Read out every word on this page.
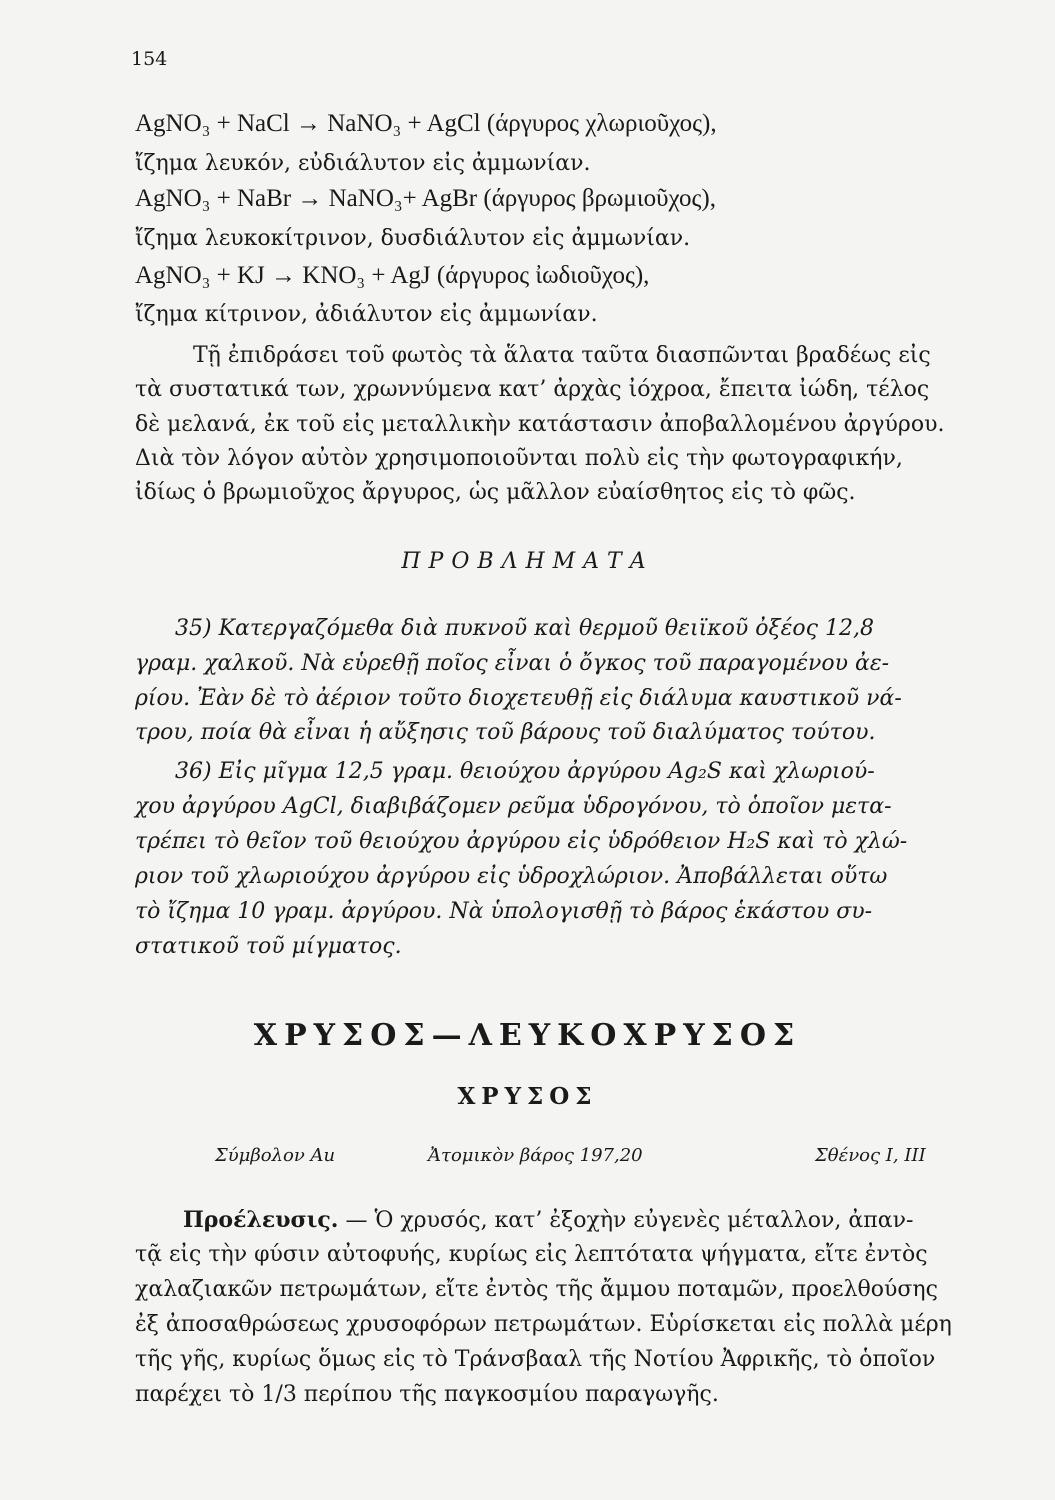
154
AgNO₃ + NaCl → NaNO₃ + AgCl (άργυρος χλωριοῦχος),
ἴζημα λευκόν, εὐδιάλυτον εἰς ἀμμωνίαν.
AgNO₃ + NaBr → NaNO₃+ AgBr (άργυρος βρωμιοῦχος),
ἴζημα λευκοκίτρινον, δυσδιάλυτον εἰς ἀμμωνίαν.
AgNO₃ + KJ → KNO₃ + AgJ (άργυρος ἰωδιοῦχος),
ἴζημα κίτρινον, ἀδιάλυτον εἰς ἀμμωνίαν.
Τῇ ἐπιδράσει τοῦ φωτὸς τὰ ἅλατα ταῦτα διασπῶνται βραδέως εἰς
τὰ συστατικά των, χρωννύμενα κατ’ ἀρχὰς ἰόχροα, ἔπειτα ἰώδη, τέλος
δὲ μελανά, ἐκ τοῦ εἰς μεταλλικὴν κατάστασιν ἀποβαλλομένου ἀργύρου.
Διὰ τὸν λόγον αὐτὸν χρησιμοποιοῦνται πολὺ εἰς τὴν φωτογραφικήν,
ἰδίως ὁ βρωμιοῦχος ἄργυρος, ὡς μᾶλλον εὐαίσθητος εἰς τὸ φῶς.
ΠΡΟΒΛΗΜΑΤΑ
35) Κατεργαζόμεθα διὰ πυκνοῦ καὶ θερμοῦ θειϊκοῦ ὀξέος 12,8
γραμ. χαλκοῦ. Νὰ εὑρεθῇ ποῖος εἶναι ὁ ὄγκος τοῦ παραγομένου ἀε-
ρίου. Ἐὰν δὲ τὸ ἀέριον τοῦτο διοχετευθῇ εἰς διάλυμα καυστικοῦ νά-
τρου, ποία θὰ εἶναι ἡ αὔξησις τοῦ βάρους τοῦ διαλύματος τούτου.
36) Εἰς μῖγμα 12,5 γραμ. θειούχου ἀργύρου Ag₂S καὶ χλωριού-
χου ἀργύρου AgCl, διαβιβάζομεν ρεῦμα ὑδρογόνου, τὸ ὁποῖον μετα-
τρέπει τὸ θεῖον τοῦ θειούχου ἀργύρου εἰς ὑδρόθειον H₂S καὶ τὸ χλώ-
ριον τοῦ χλωριούχου ἀργύρου εἰς ὑδροχλώριον. Ἀποβάλλεται οὕτω
τὸ ἴζημα 10 γραμ. ἀργύρου. Νὰ ὑπολογισθῇ τὸ βάρος ἑκάστου συ-
στατικοῦ τοῦ μίγματος.
ΧΡΥΣΟΣ—ΛΕΥΚΟΧΡΥΣΟΣ
ΧΡΥΣΟΣ
Σύμβολον Au	Ἀτομικὸν βάρος 197,20	Σθένος I, III
Προέλευσις. — Ὁ χρυσός, κατ’ ἐξοχὴν εὐγενὲς μέταλλον, ἀπαν-
τᾷ εἰς τὴν φύσιν αὐτοφυής, κυρίως εἰς λεπτότατα ψήγματα, εἴτε ἐντὸς
χαλαζιακῶν πετρωμάτων, εἴτε ἐντὸς τῆς ἄμμου ποταμῶν, προελθούσης
ἐξ ἀποσαθρώσεως χρυσοφόρων πετρωμάτων. Εὑρίσκεται εἰς πολλὰ μέρη
τῆς γῆς, κυρίως ὅμως εἰς τὸ Τράνσβααλ τῆς Νοτίου Ἀφρικῆς, τὸ ὁποῖον
παρέχει τὸ 1/3 περίπου τῆς παγκοσμίου παραγωγῆς.
